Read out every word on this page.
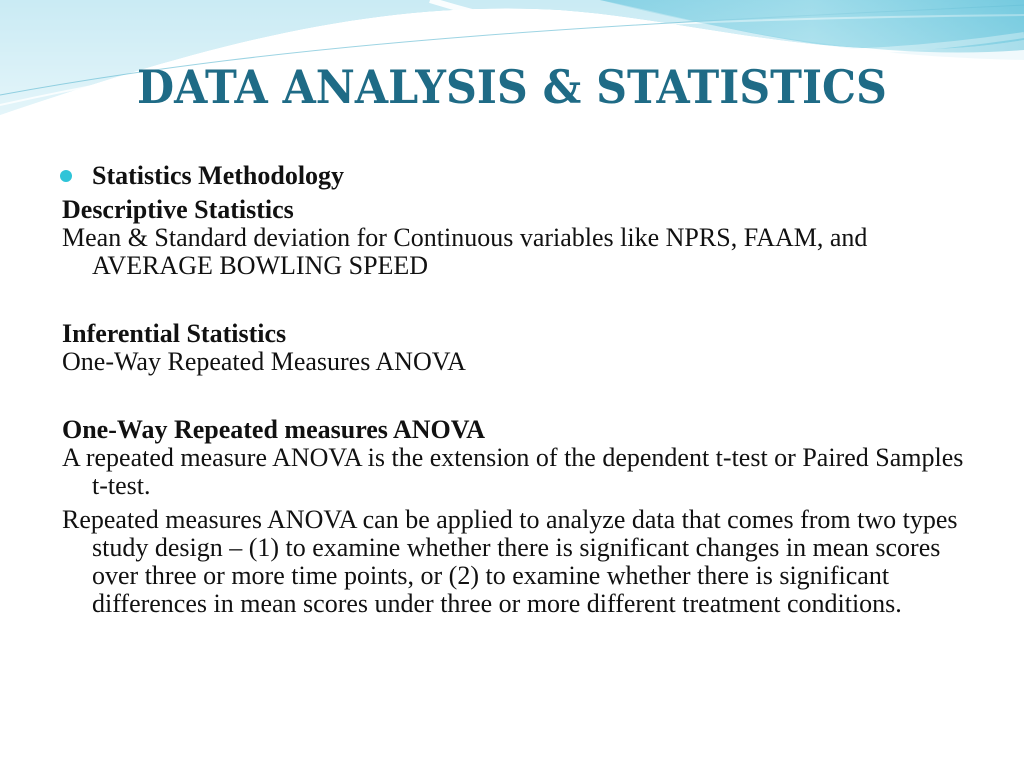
DATA ANALYSIS & STATISTICS
Statistics Methodology
Descriptive Statistics

Mean & Standard deviation for Continuous variables like NPRS, FAAM, and AVERAGE BOWLING SPEED

Inferential Statistics

One-Way Repeated Measures ANOVA

One-Way Repeated measures ANOVA

A repeated measure ANOVA is the extension of the dependent t-test or Paired Samples t-test.

Repeated measures ANOVA can be applied to analyze data that comes from two types study design – (1) to examine whether there is significant changes in mean scores over three or more time points, or (2) to examine whether there is significant differences in mean scores under three or more different treatment conditions.
